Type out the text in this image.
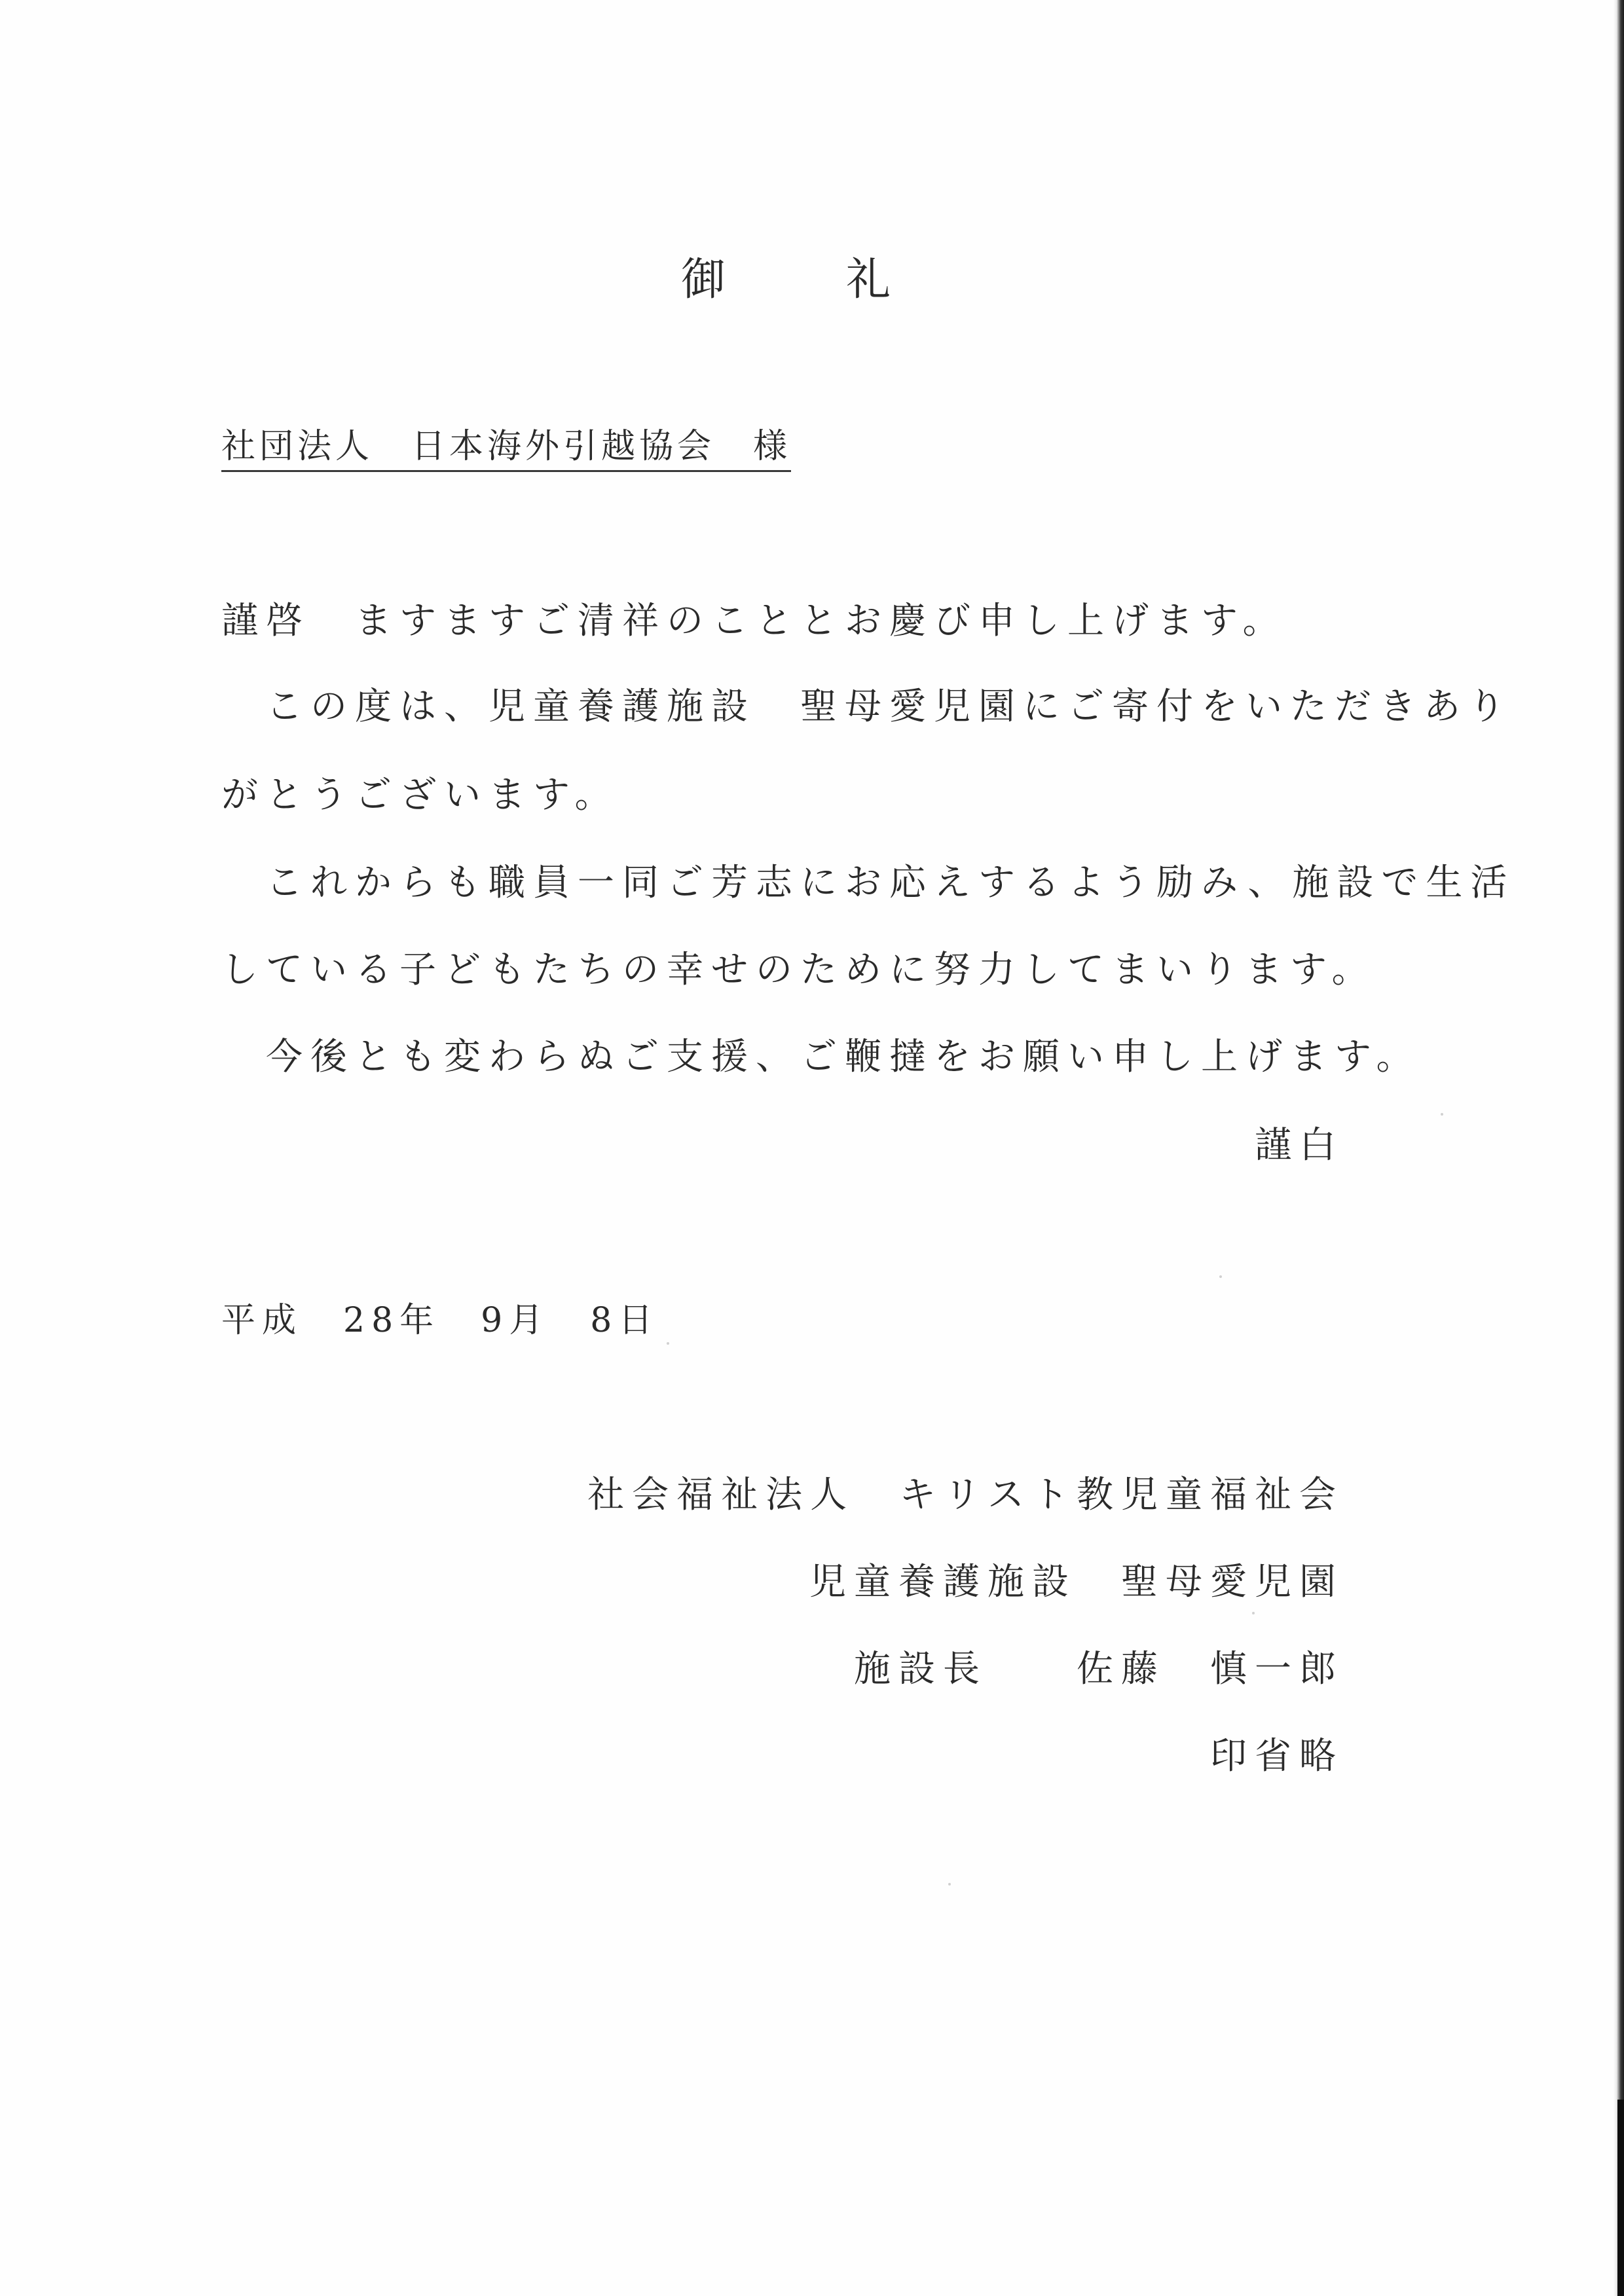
御	礼
社団法人　日本海外引越協会　様
謹啓　ますますご清祥のこととお慶び申し上げます。
　この度は、児童養護施設　聖母愛児園にご寄付をいただきあり
がとうございます。
　これからも職員一同ご芳志にお応えするよう励み、施設で生活
している子どもたちの幸せのために努力してまいります。
　今後とも変わらぬご支援、ご鞭撻をお願い申し上げます。
謹白
平成　28年　9月　8日
社会福祉法人　キリスト教児童福祉会
児童養護施設　聖母愛児園
施設長　　佐藤　慎一郎
印省略
